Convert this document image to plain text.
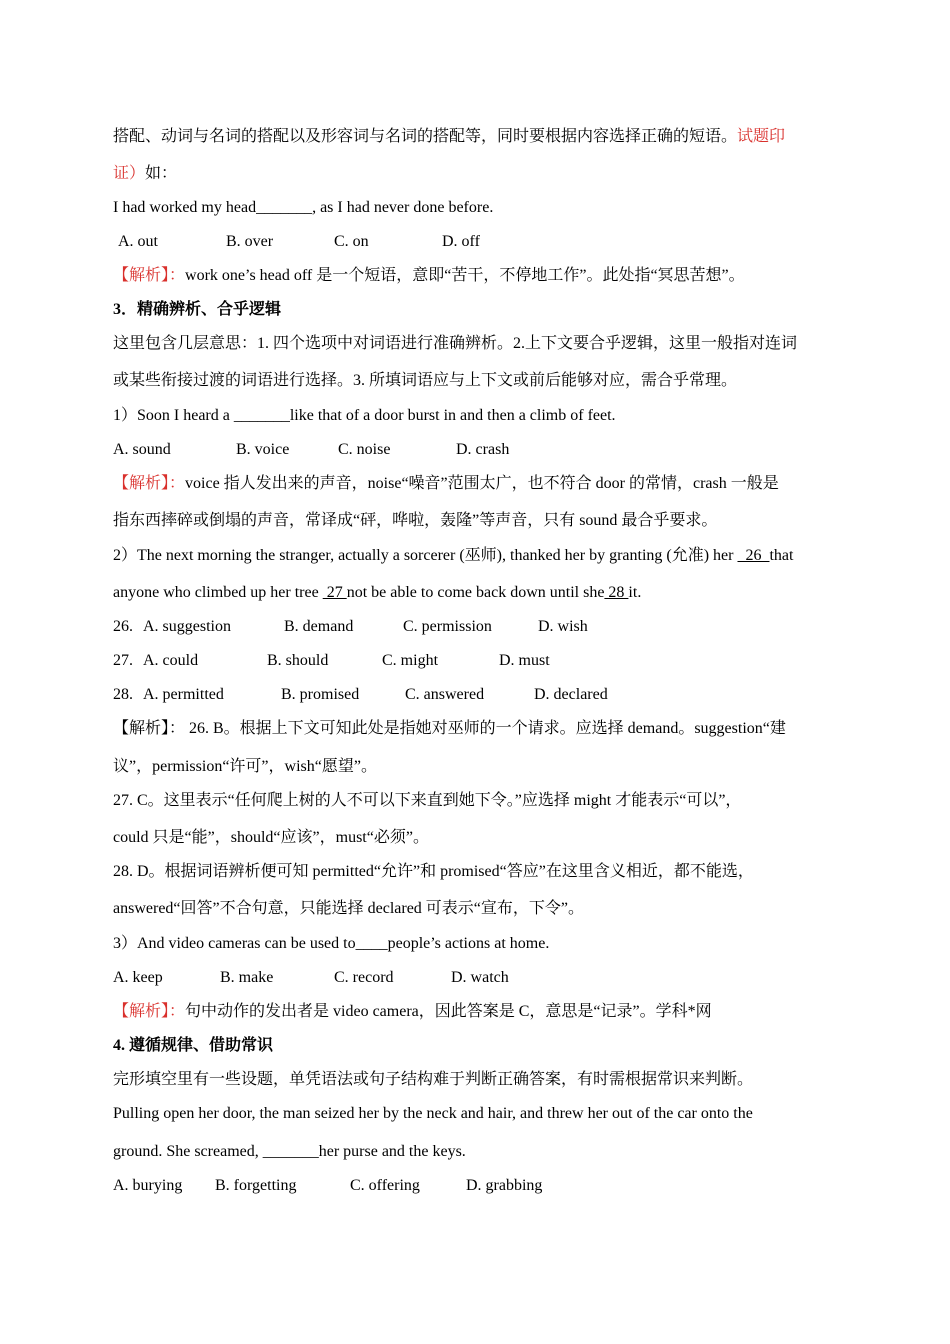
搭配、动词与名词的搭配以及形容词与名词的搭配等，同时要根据内容选择正确的短语。试题印
证）如：
I had worked my head_______, as I had never done before.
A. out	B. over	C. on	D. off
【解析】：work one’s head off 是一个短语，意即“苦干，不停地工作”。此处指“冥思苦想”。
3．精确辨析、合乎逻辑
这里包含几层意思：1. 四个选项中对词语进行准确辨析。2.上下文要合乎逻辑，这里一般指对连词
或某些衔接过渡的词语进行选择。3. 所填词语应与上下文或前后能够对应，需合乎常理。
1）Soon I heard a _______like that of a door burst in and then a climb of feet.
A. sound	B. voice	C. noise	D. crash
【解析】：voice 指人发出来的声音，noise“噪音”范围太广，也不符合 door 的常情，crash 一般是
指东西摔碎或倒塌的声音，常译成“砰，哗啦，轰隆”等声音，只有 sound 最合乎要求。
2）The next morning the stranger, actually a sorcerer (巫师), thanked her by granting (允准) her   26  that
anyone who climbed up her tree  27 not be able to come back down until she 28 it.
26. A. suggestion	B. demand	C. permission	D. wish
27. A. could	B. should	C. might	D. must
28. A. permitted	B. promised	C. answered	D. declared
【解析】： 26. B。根据上下文可知此处是指她对巫师的一个请求。应选择 demand。suggestion“建
议”，permission“许可”，wish“愿望”。
27. C。这里表示“任何爬上树的人不可以下来直到她下令。”应选择 might 才能表示“可以”，
could 只是“能”，should“应该”，must“必须”。
28. D。根据词语辨析便可知 permitted“允许”和 promised“答应”在这里含义相近，都不能选，
answered“回答”不合句意，只能选择 declared 可表示“宣布，下令”。
3）And video cameras can be used to____people’s actions at home.
A. keep	B. make	C. record	D. watch
【解析】：句中动作的发出者是 video camera，因此答案是 C，意思是“记录”。学科*网
4. 遵循规律、借助常识
完形填空里有一些设题，单凭语法或句子结构难于判断正确答案，有时需根据常识来判断。
Pulling open her door, the man seized her by the neck and hair, and threw her out of the car onto the
ground. She screamed, _______her purse and the keys.
A. burying B. forgetting	C. offering	D. grabbing
